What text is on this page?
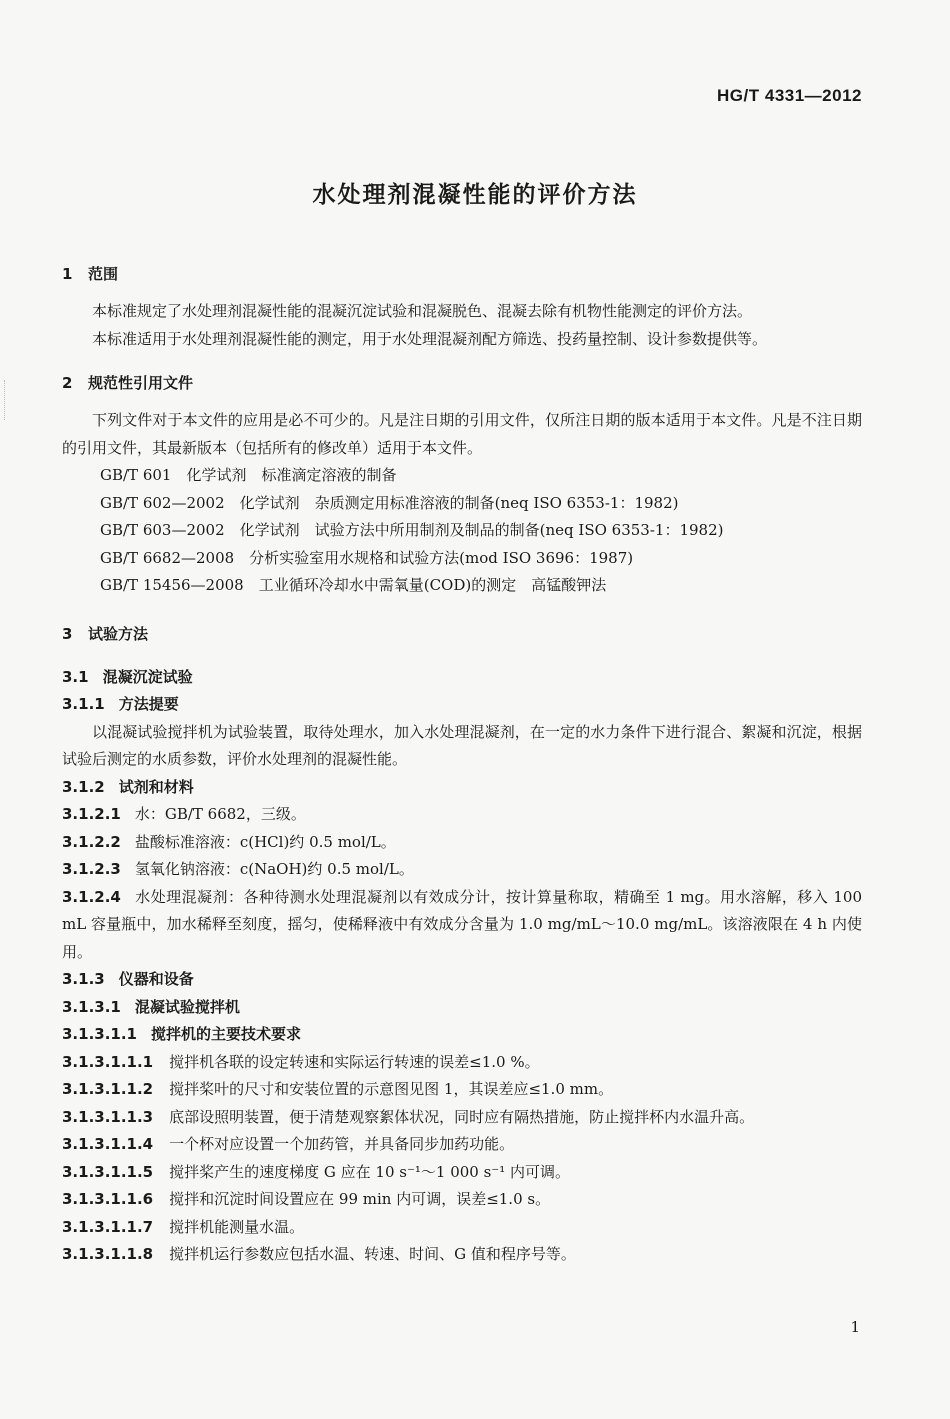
HG/T 4331—2012
水处理剂混凝性能的评价方法
1 范围
本标准规定了水处理剂混凝性能的混凝沉淀试验和混凝脱色、混凝去除有机物性能测定的评价方法。
本标准适用于水处理剂混凝性能的测定，用于水处理混凝剂配方筛选、投药量控制、设计参数提供等。
2 规范性引用文件
下列文件对于本文件的应用是必不可少的。凡是注日期的引用文件，仅所注日期的版本适用于本文件。凡是不注日期的引用文件，其最新版本（包括所有的修改单）适用于本文件。
GB/T 601　化学试剂　标准滴定溶液的制备
GB/T 602—2002　化学试剂　杂质测定用标准溶液的制备(neq ISO 6353-1：1982)
GB/T 603—2002　化学试剂　试验方法中所用制剂及制品的制备(neq ISO 6353-1：1982)
GB/T 6682—2008　分析实验室用水规格和试验方法(mod ISO 3696：1987)
GB/T 15456—2008　工业循环冷却水中需氧量(COD)的测定　高锰酸钾法
3 试验方法
3.1 混凝沉淀试验
3.1.1 方法提要
以混凝试验搅拌机为试验装置，取待处理水，加入水处理混凝剂，在一定的水力条件下进行混合、絮凝和沉淀，根据试验后测定的水质参数，评价水处理剂的混凝性能。
3.1.2 试剂和材料
3.1.2.1 水：GB/T 6682，三级。
3.1.2.2 盐酸标准溶液：c(HCl)约 0.5 mol/L。
3.1.2.3 氢氧化钠溶液：c(NaOH)约 0.5 mol/L。
3.1.2.4 水处理混凝剂：各种待测水处理混凝剂以有效成分计，按计算量称取，精确至 1 mg。用水溶解，移入 100 mL 容量瓶中，加水稀释至刻度，摇匀，使稀释液中有效成分含量为 1.0 mg/mL～10.0 mg/mL。该溶液限在 4 h 内使用。
3.1.3 仪器和设备
3.1.3.1 混凝试验搅拌机
3.1.3.1.1 搅拌机的主要技术要求
3.1.3.1.1.1 搅拌机各联的设定转速和实际运行转速的误差≤1.0 %。
3.1.3.1.1.2 搅拌桨叶的尺寸和安装位置的示意图见图 1，其误差应≤1.0 mm。
3.1.3.1.1.3 底部设照明装置，便于清楚观察絮体状况，同时应有隔热措施，防止搅拌杯内水温升高。
3.1.3.1.1.4 一个杯对应设置一个加药管，并具备同步加药功能。
3.1.3.1.1.5 搅拌桨产生的速度梯度 G 应在 10 s⁻¹～1 000 s⁻¹ 内可调。
3.1.3.1.1.6 搅拌和沉淀时间设置应在 99 min 内可调，误差≤1.0 s。
3.1.3.1.1.7 搅拌机能测量水温。
3.1.3.1.1.8 搅拌机运行参数应包括水温、转速、时间、G 值和程序号等。
1
